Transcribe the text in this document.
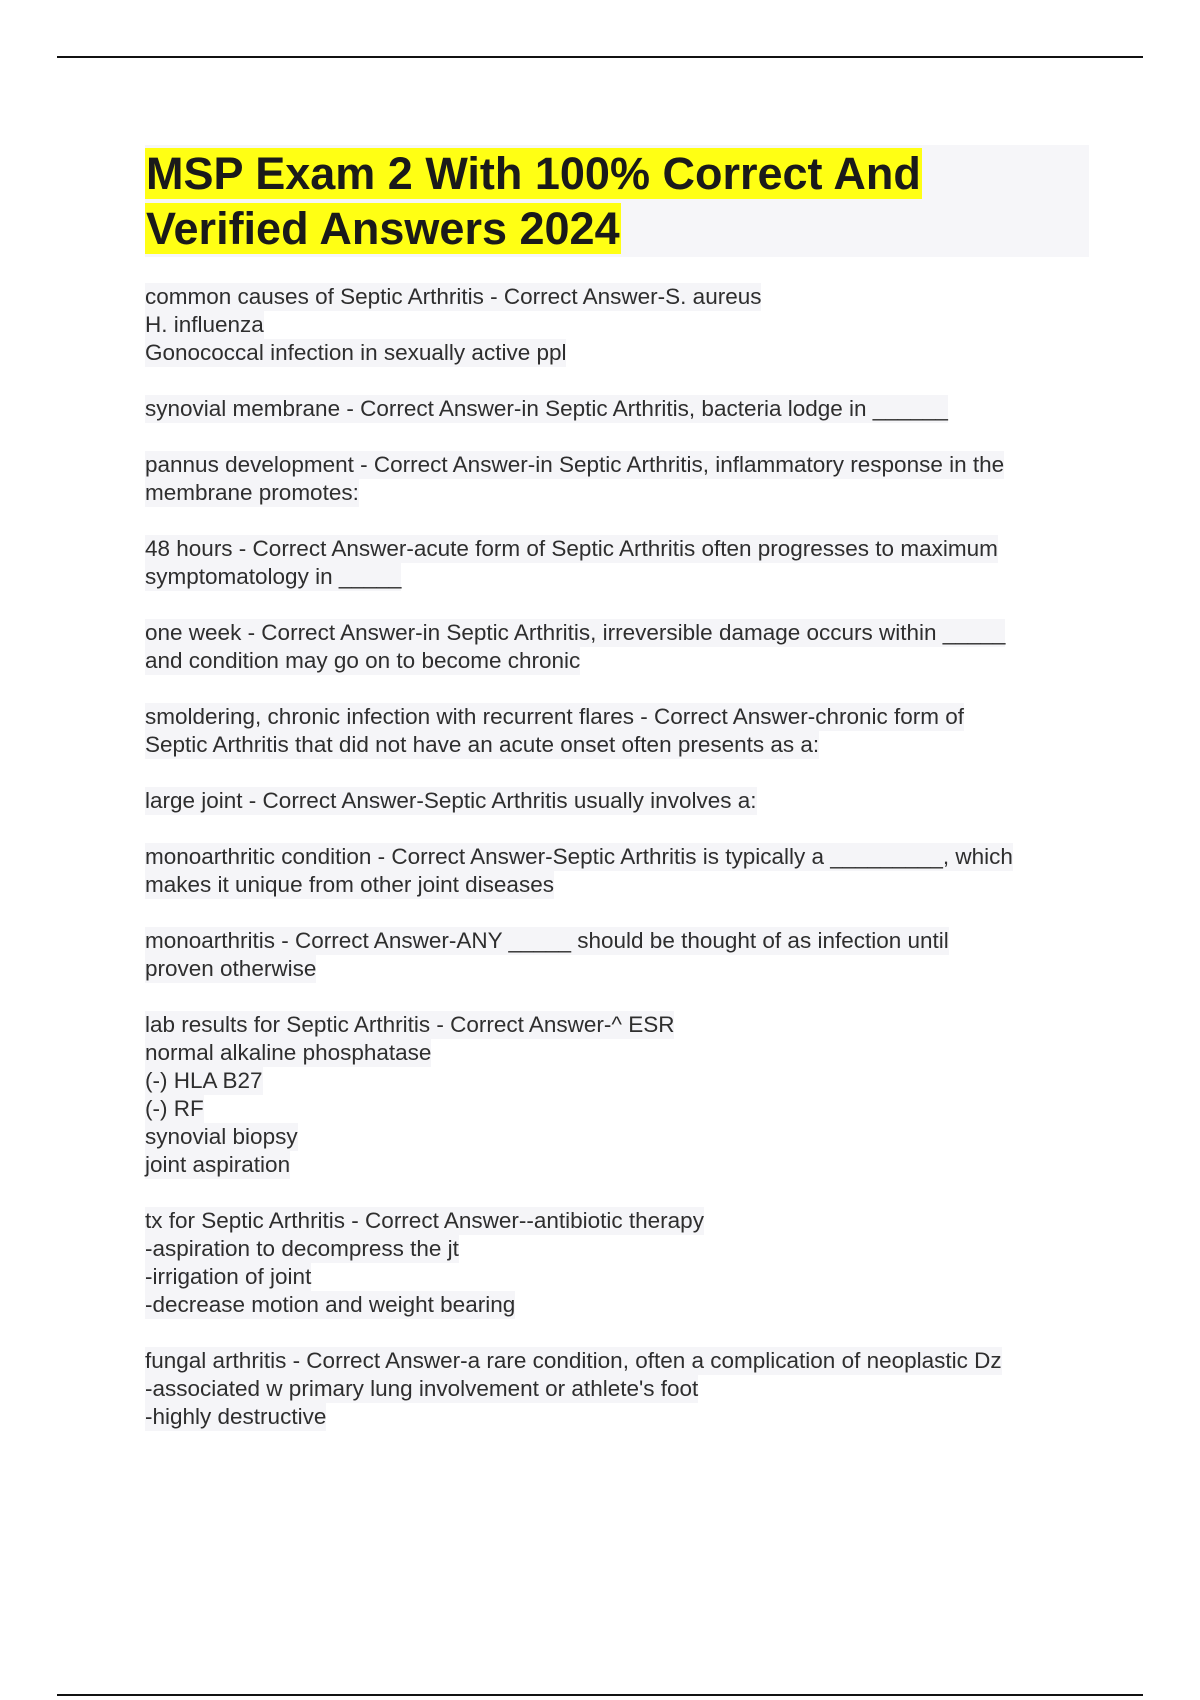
MSP Exam 2 With 100% Correct And
Verified Answers 2024
common causes of Septic Arthritis - Correct Answer-S. aureus
H. influenza
Gonococcal infection in sexually active ppl
synovial membrane - Correct Answer-in Septic Arthritis, bacteria lodge in ______
pannus development - Correct Answer-in Septic Arthritis, inflammatory response in the
membrane promotes:
48 hours - Correct Answer-acute form of Septic Arthritis often progresses to maximum
symptomatology in _____
one week - Correct Answer-in Septic Arthritis, irreversible damage occurs within _____
and condition may go on to become chronic
smoldering, chronic infection with recurrent flares - Correct Answer-chronic form of
Septic Arthritis that did not have an acute onset often presents as a:
large joint - Correct Answer-Septic Arthritis usually involves a:
monoarthritic condition - Correct Answer-Septic Arthritis is typically a _________, which
makes it unique from other joint diseases
monoarthritis - Correct Answer-ANY _____ should be thought of as infection until
proven otherwise
lab results for Septic Arthritis - Correct Answer-^ ESR
normal alkaline phosphatase
(-) HLA B27
(-) RF
synovial biopsy
joint aspiration
tx for Septic Arthritis - Correct Answer--antibiotic therapy
-aspiration to decompress the jt
-irrigation of joint
-decrease motion and weight bearing
fungal arthritis - Correct Answer-a rare condition, often a complication of neoplastic Dz
-associated w primary lung involvement or athlete's foot
-highly destructive
